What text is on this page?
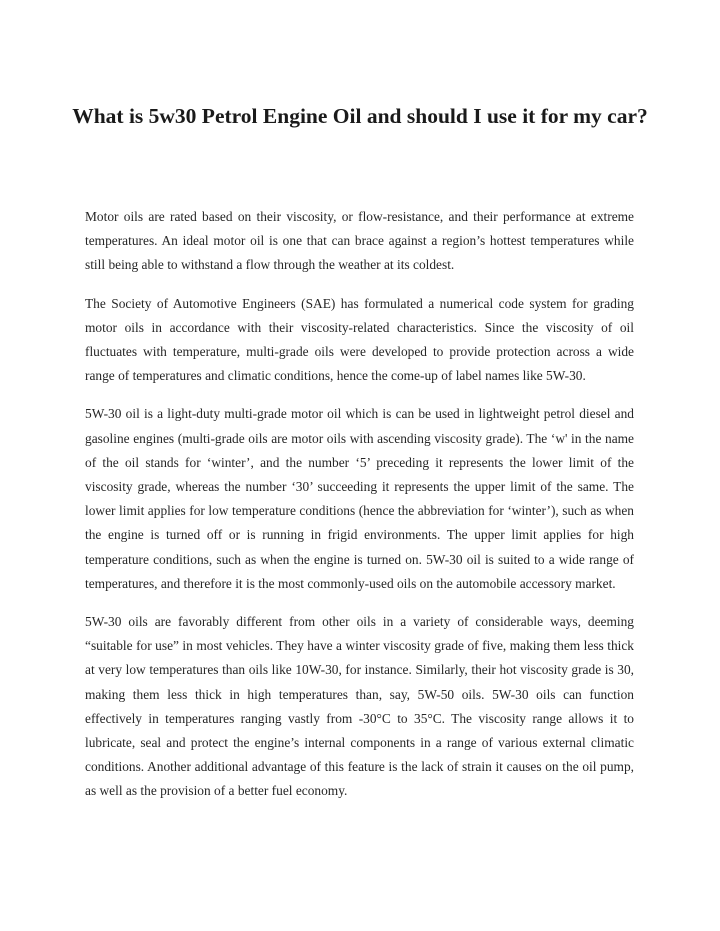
What is 5w30 Petrol Engine Oil and should I use it for my car?

Motor oils are rated based on their viscosity, or flow-resistance, and their performance at extreme temperatures. An ideal motor oil is one that can brace against a region’s hottest temperatures while still being able to withstand a flow through the weather at its coldest.

The Society of Automotive Engineers (SAE) has formulated a numerical code system for grading motor oils in accordance with their viscosity-related characteristics. Since the viscosity of oil fluctuates with temperature, multi-grade oils were developed to provide protection across a wide range of temperatures and climatic conditions, hence the come-up of label names like 5W-30.

5W-30 oil is a light-duty multi-grade motor oil which is can be used in lightweight petrol diesel and gasoline engines (multi-grade oils are motor oils with ascending viscosity grade). The ‘w' in the name of the oil stands for ‘winter’, and the number ‘5’ preceding it represents the lower limit of the viscosity grade, whereas the number ‘30’ succeeding it represents the upper limit of the same. The lower limit applies for low temperature conditions (hence the abbreviation for ‘winter’), such as when the engine is turned off or is running in frigid environments. The upper limit applies for high temperature conditions, such as when the engine is turned on. 5W-30 oil is suited to a wide range of temperatures, and therefore it is the most commonly-used oils on the automobile accessory market.

5W-30 oils are favorably different from other oils in a variety of considerable ways, deeming “suitable for use” in most vehicles. They have a winter viscosity grade of five, making them less thick at very low temperatures than oils like 10W-30, for instance. Similarly, their hot viscosity grade is 30, making them less thick in high temperatures than, say, 5W-50 oils. 5W-30 oils can function effectively in temperatures ranging vastly from -30°C to 35°C. The viscosity range allows it to lubricate, seal and protect the engine’s internal components in a range of various external climatic conditions. Another additional advantage of this feature is the lack of strain it causes on the oil pump, as well as the provision of a better fuel economy.
